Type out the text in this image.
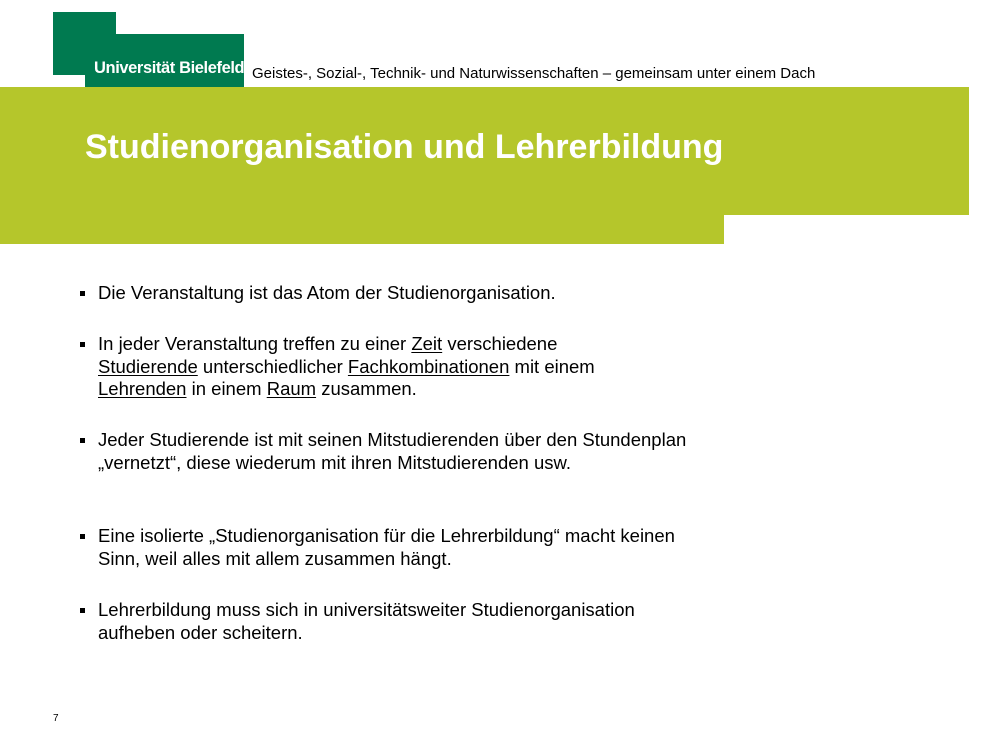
Universität Bielefeld Geistes-, Sozial-, Technik- und Naturwissenschaften – gemeinsam unter einem Dach
Studienorganisation und Lehrerbildung
Die Veranstaltung ist das Atom der Studienorganisation.
In jeder Veranstaltung treffen zu einer Zeit verschiedene
Studierende unterschiedlicher Fachkombinationen mit einem
Lehrenden in einem Raum zusammen.
Jeder Studierende ist mit seinen Mitstudierenden über den Stundenplan „vernetzt“, diese wiederum mit ihren Mitstudierenden usw.
Eine isolierte „Studienorganisation für die Lehrerbildung“ macht keinen Sinn, weil alles mit allem zusammen hängt.
Lehrerbildung muss sich in universitätsweiter Studienorganisation aufheben oder scheitern.
7
